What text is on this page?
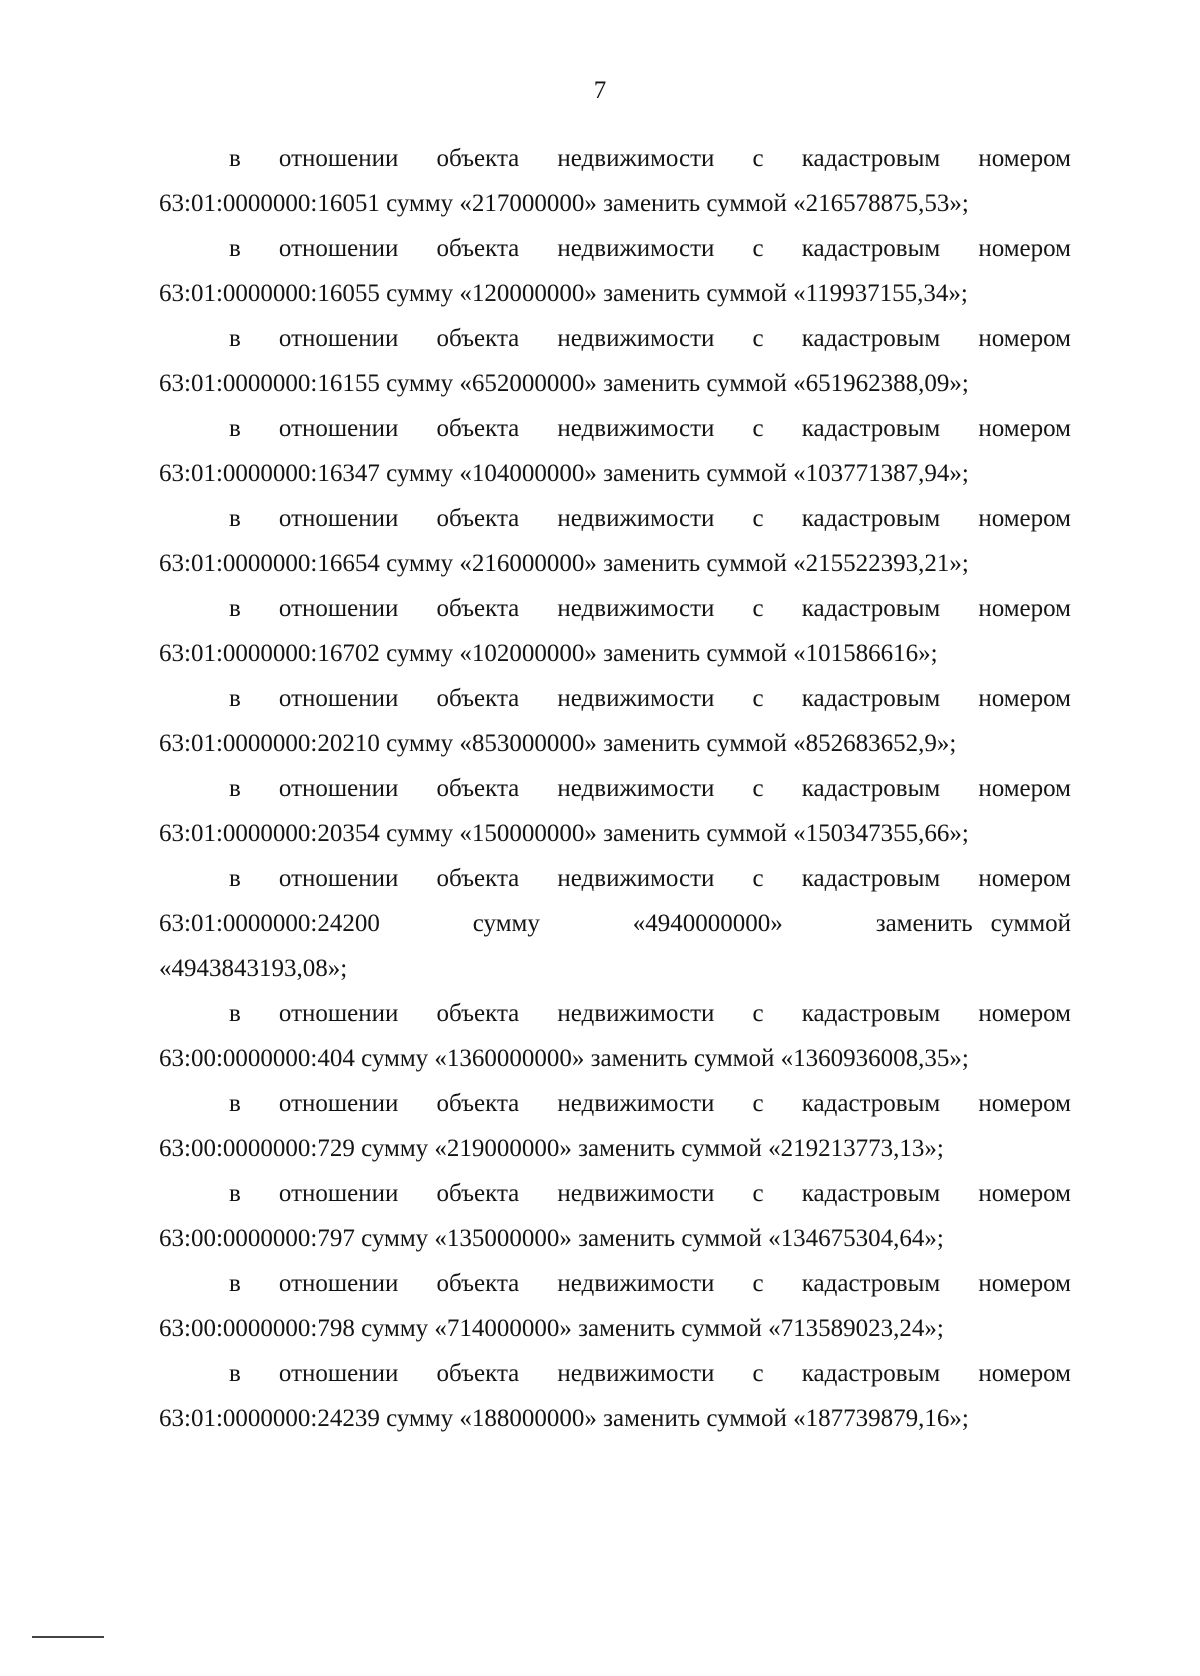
7

в отношении объекта недвижимости с кадастровым номером 63:01:0000000:16051 сумму «217000000» заменить суммой «216578875,53»;

в отношении объекта недвижимости с кадастровым номером 63:01:0000000:16055 сумму «120000000» заменить суммой «119937155,34»;

в отношении объекта недвижимости с кадастровым номером 63:01:0000000:16155 сумму «652000000» заменить суммой «651962388,09»;

в отношении объекта недвижимости с кадастровым номером 63:01:0000000:16347 сумму «104000000» заменить суммой «103771387,94»;

в отношении объекта недвижимости с кадастровым номером 63:01:0000000:16654 сумму «216000000» заменить суммой «215522393,21»;

в отношении объекта недвижимости с кадастровым номером 63:01:0000000:16702 сумму «102000000» заменить суммой «101586616»;

в отношении объекта недвижимости с кадастровым номером 63:01:0000000:20210 сумму «853000000» заменить суммой «852683652,9»;

в отношении объекта недвижимости с кадастровым номером 63:01:0000000:20354 сумму «150000000» заменить суммой «150347355,66»;

в отношении объекта недвижимости с кадастровым номером 63:01:0000000:24200   	сумму   	«4940000000»   	заменить суммой «4943843193,08»;

в отношении объекта недвижимости с кадастровым номером 63:00:0000000:404 сумму «1360000000» заменить суммой «1360936008,35»;

в отношении объекта недвижимости с кадастровым номером 63:00:0000000:729 сумму «219000000» заменить суммой «219213773,13»;

в отношении объекта недвижимости с кадастровым номером 63:00:0000000:797 сумму «135000000» заменить суммой «134675304,64»;

в отношении объекта недвижимости с кадастровым номером 63:00:0000000:798 сумму «714000000» заменить суммой «713589023,24»;

в отношении объекта недвижимости с кадастровым номером 63:01:0000000:24239 сумму «188000000» заменить суммой «187739879,16»;
